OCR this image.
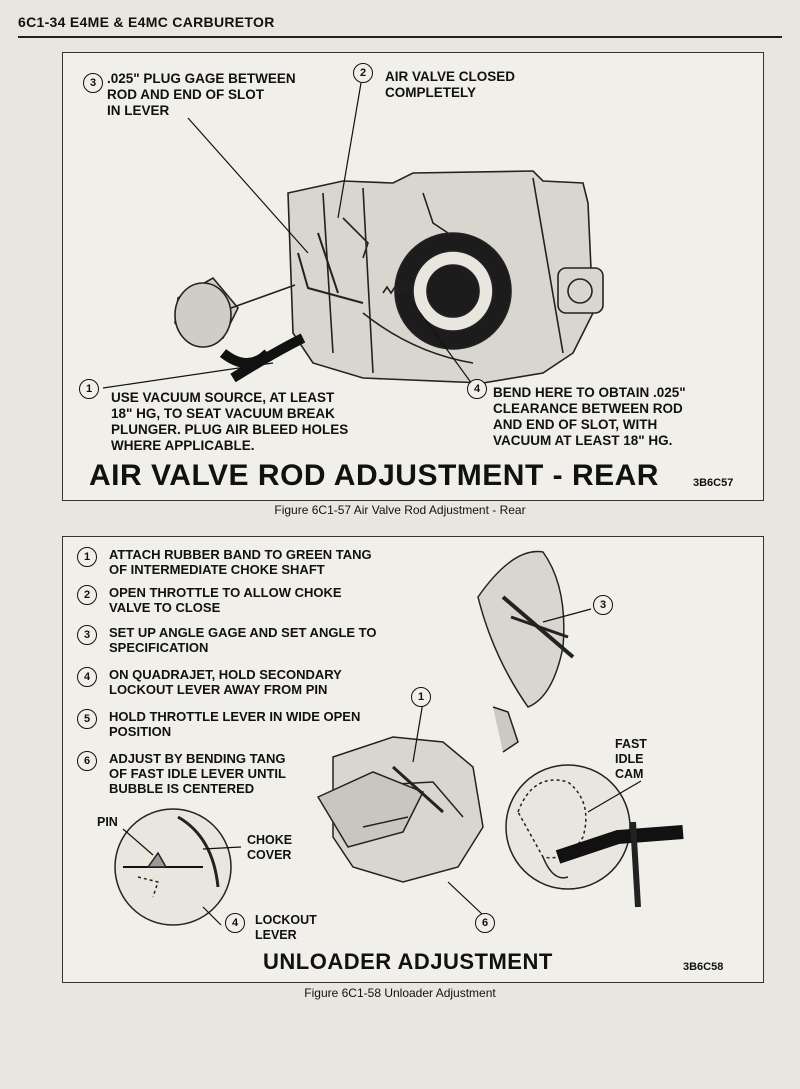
6C1-34 E4ME & E4MC CARBURETOR
3 .025" PLUG GAGE BETWEEN
ROD AND END OF SLOT
IN LEVER
2	AIR VALVE CLOSED
COMPLETELY
1
USE VACUUM SOURCE, AT LEAST
18" HG, TO SEAT VACUUM BREAK
PLUNGER. PLUG AIR BLEED HOLES
WHERE APPLICABLE.
4 BEND HERE TO OBTAIN .025"
CLEARANCE BETWEEN ROD
AND END OF SLOT, WITH
VACUUM AT LEAST 18" HG.
AIR VALVE ROD ADJUSTMENT - REAR	3B6C57
Figure 6C1-57 Air Valve Rod Adjustment - Rear
1	ATTACH RUBBER BAND TO GREEN TANG
OF INTERMEDIATE CHOKE SHAFT
2	OPEN THROTTLE TO ALLOW CHOKE
VALVE TO CLOSE
3	SET UP ANGLE GAGE AND SET ANGLE TO
SPECIFICATION
4	ON QUADRAJET, HOLD SECONDARY
LOCKOUT LEVER AWAY FROM PIN
5	HOLD THROTTLE LEVER IN WIDE OPEN
POSITION
6	ADJUST BY BENDING TANG
OF FAST IDLE LEVER UNTIL
BUBBLE IS CENTERED
1
3
6
FAST
IDLE
CAM
PIN
CHOKE
COVER
4	LOCKOUT
LEVER
UNLOADER ADJUSTMENT	3B6C58
Figure 6C1-58 Unloader Adjustment
